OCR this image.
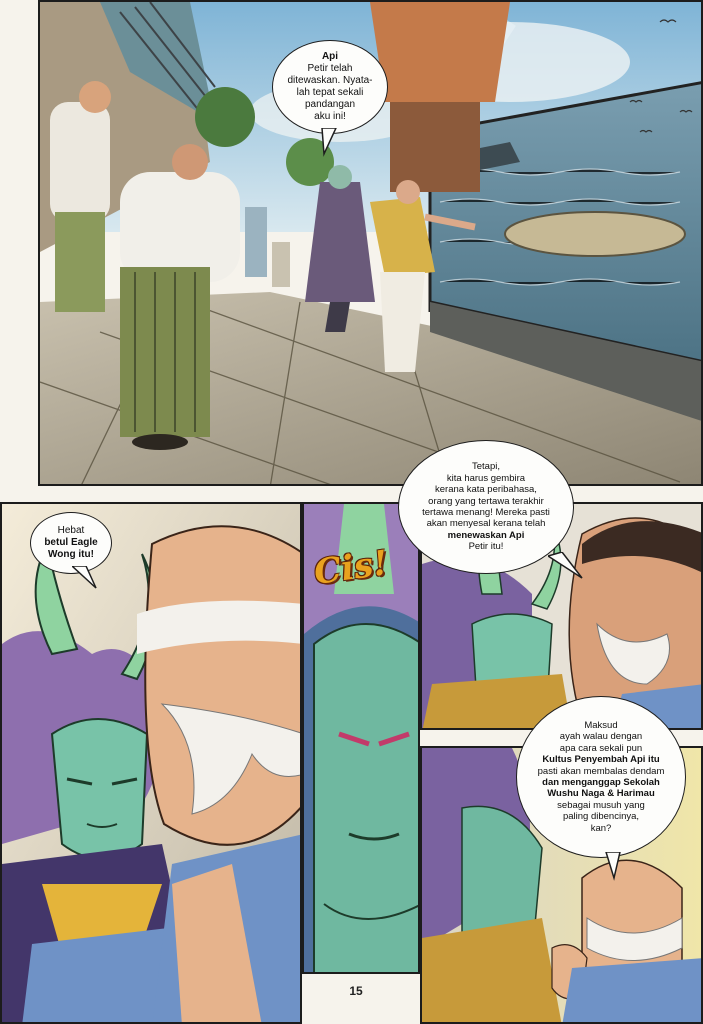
Cis!
Api
Petir telah
ditewaskan. Nyata-
lah tepat sekali
pandangan
aku ini!
Tetapi,
kita harus gembira
kerana kata peribahasa,
orang yang tertawa terakhir
tertawa menang! Mereka pasti
akan menyesal kerana telah
menewaskan Api
Petir itu!
Hebat
betul Eagle
Wong itu!
Maksud
ayah walau dengan
apa cara sekali pun
Kultus Penyembah Api itu
pasti akan membalas dendam
dan menganggap Sekolah
Wushu Naga & Harimau
sebagai musuh yang
paling dibencinya,
kan?
15
